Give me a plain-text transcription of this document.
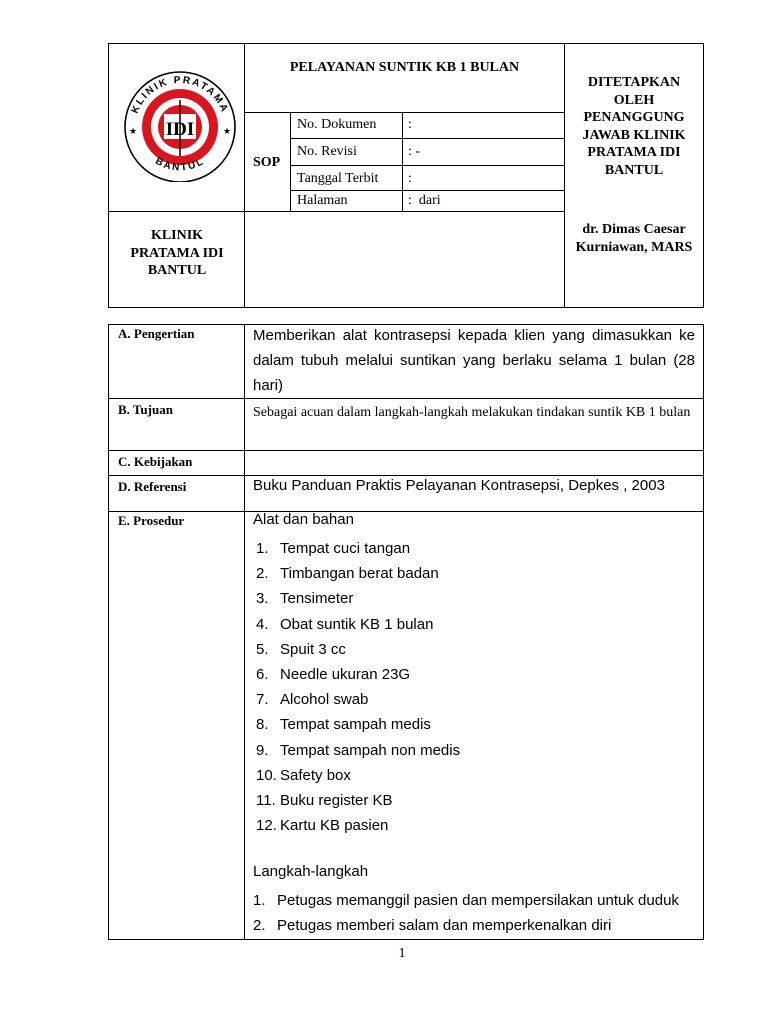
IDI
KLINIK PRATAMA
BANTUL
★	★
PELAYANAN SUNTIK KB 1 BULAN
SOP
No. Dokumen :
No. Revisi	: -
Tanggal Terbit :
Halaman	:  dari
DITETAPKAN OLEH PENANGGUNG JAWAB KLINIK PRATAMA IDI BANTUL
dr. Dimas Caesar Kurniawan, MARS
KLINIK PRATAMA IDI BANTUL
A. Pengertian	Memberikan alat kontrasepsi kepada klien yang dimasukkan ke dalam tubuh melalui suntikan yang berlaku selama 1 bulan (28 hari)
B. Tujuan	Sebagai acuan dalam langkah-langkah melakukan tindakan suntik KB 1 bulan
C. Kebijakan
D. Referensi	Buku Panduan Praktis Pelayanan Kontrasepsi, Depkes , 2003
E. Prosedur	Alat dan bahan
1. Tempat cuci tangan
2. Timbangan berat badan
3. Tensimeter
4. Obat suntik KB 1 bulan
5. Spuit 3 cc
6. Needle ukuran 23G
7. Alcohol swab
8. Tempat sampah medis
9. Tempat sampah non medis
10. Safety box
11. Buku register KB
12. Kartu KB pasien
Langkah-langkah
1. Petugas memanggil pasien dan mempersilakan untuk duduk
2. Petugas memberi salam dan memperkenalkan diri
1
